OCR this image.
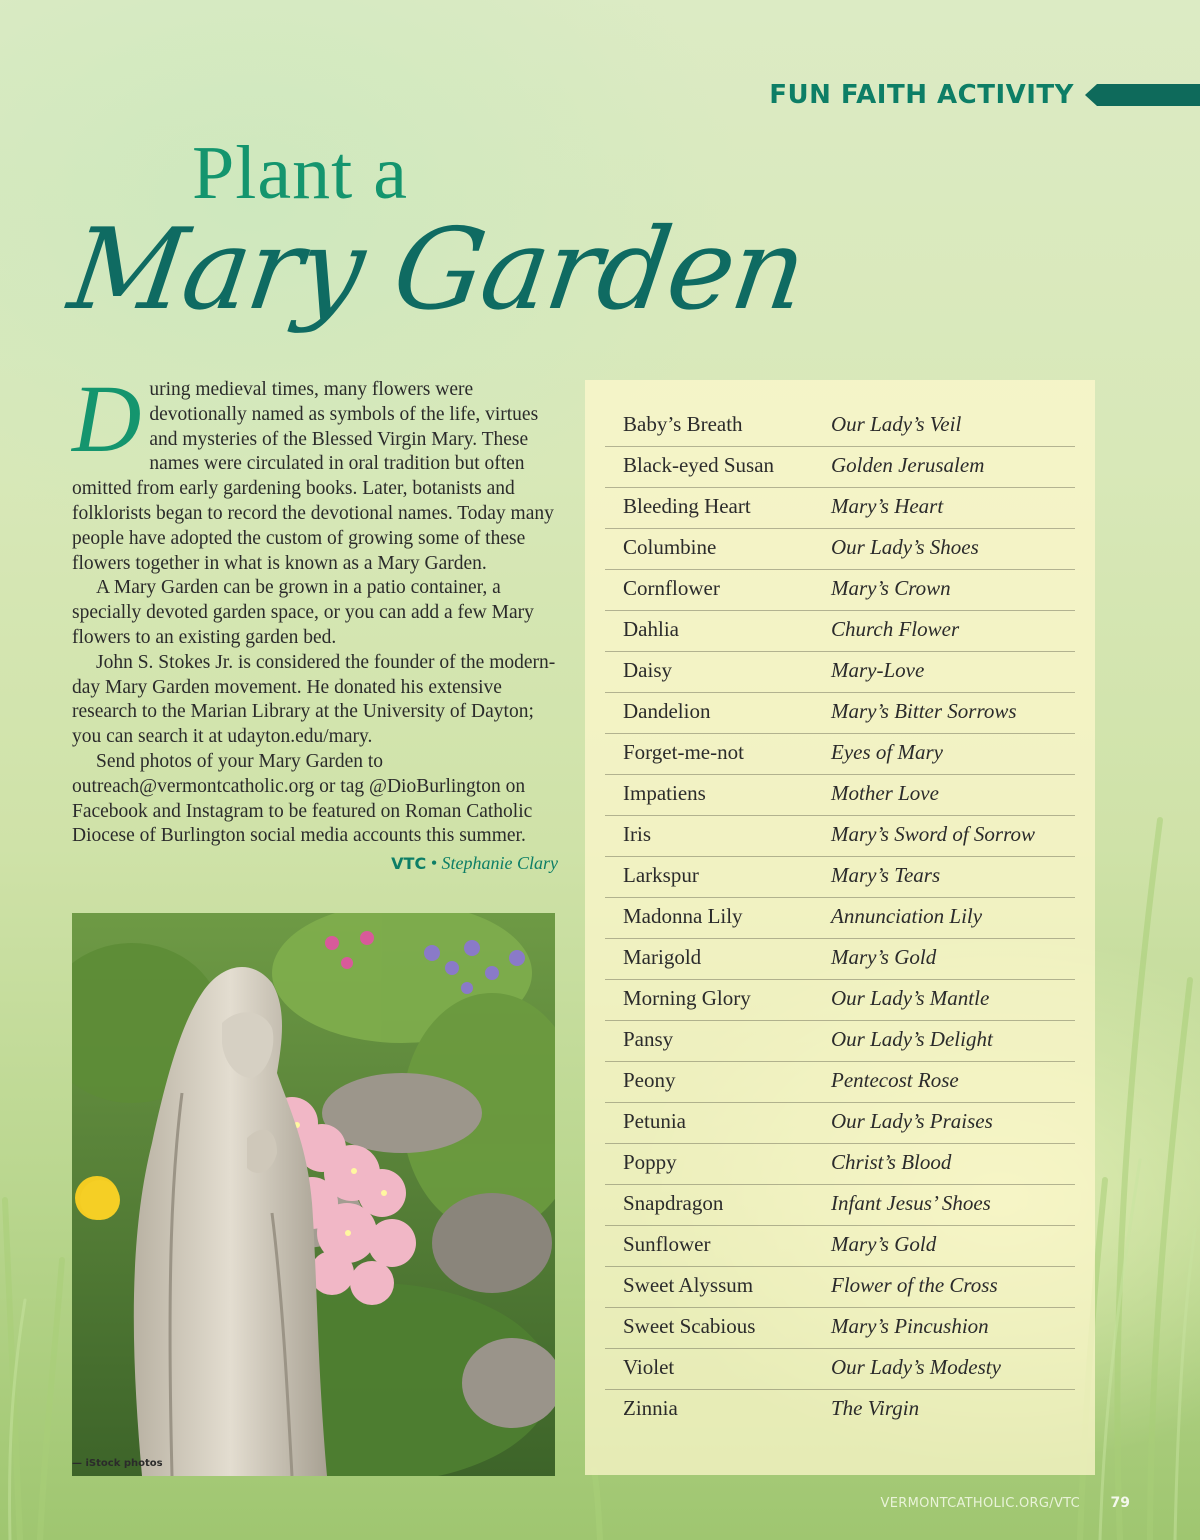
FUN FAITH ACTIVITY
Plant a
Mary Garden

During medieval times, many flowers were devotionally named as symbols of the life, virtues and mysteries of the Blessed Virgin Mary. These names were circulated in oral tradition but often omitted from early gardening books. Later, botanists and folklorists began to record the devotional names. Today many people have adopted the custom of growing some of these flowers together in what is known as a Mary Garden.

A Mary Garden can be grown in a patio container, a specially devoted garden space, or you can add a few Mary flowers to an existing garden bed.

John S. Stokes Jr. is considered the founder of the modern-day Mary Garden movement. He donated his extensive research to the Marian Library at the University of Dayton; you can search it at udayton.edu/mary.

Send photos of your Mary Garden to outreach@vermontcatholic.org or tag @DioBurlington on Facebook and Instagram to be featured on Roman Catholic Diocese of Burlington social media accounts this summer.

VTC • Stephanie Clary
— iStock photos
Baby’s Breath	Our Lady’s Veil
Black-eyed Susan	Golden Jerusalem
Bleeding Heart	Mary’s Heart
Columbine	Our Lady’s Shoes
Cornflower	Mary’s Crown
Dahlia	Church Flower
Daisy	Mary-Love
Dandelion	Mary’s Bitter Sorrows
Forget-me-not	Eyes of Mary
Impatiens	Mother Love
Iris	Mary’s Sword of Sorrow
Larkspur	Mary’s Tears
Madonna Lily	Annunciation Lily
Marigold	Mary’s Gold
Morning Glory	Our Lady’s Mantle
Pansy	Our Lady’s Delight
Peony	Pentecost Rose
Petunia	Our Lady’s Praises
Poppy	Christ’s Blood
Snapdragon	Infant Jesus’ Shoes
Sunflower	Mary’s Gold
Sweet Alyssum	Flower of the Cross
Sweet Scabious	Mary’s Pincushion
Violet	Our Lady’s Modesty
Zinnia	The Virgin
VERMONTCATHOLIC.ORG/VTC 79
